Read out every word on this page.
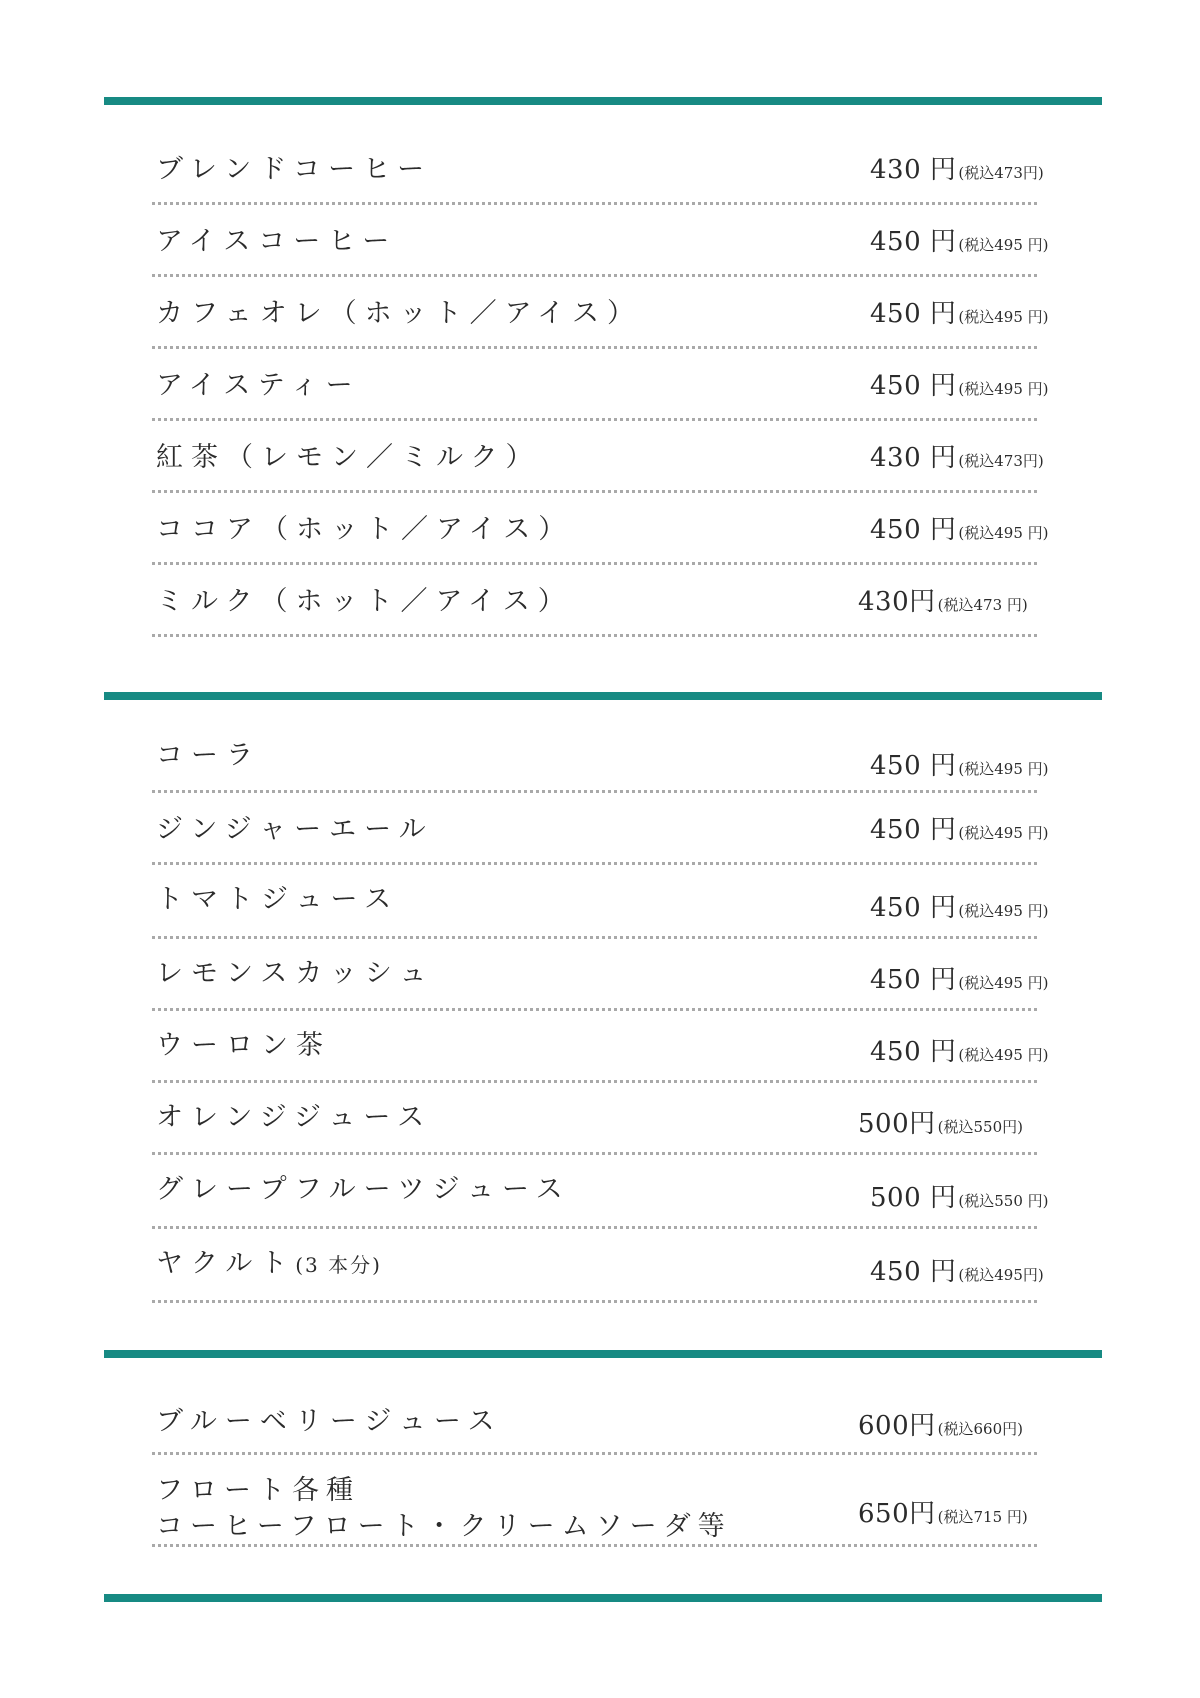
ブレンドコーヒー	430 円 (税込473円)
アイスコーヒー	450 円 (税込495 円)
カフェオレ（ホット／アイス）	450 円 (税込495 円)
アイスティー	450 円 (税込495 円)
紅茶（レモン／ミルク）	430 円 (税込473円)
ココア（ホット／アイス）	450 円 (税込495 円)
ミルク（ホット／アイス）	430円 (税込473 円)
コーラ	450 円 (税込495 円)
ジンジャーエール	450 円 (税込495 円)
トマトジュース	450 円 (税込495 円)
レモンスカッシュ	450 円 (税込495 円)
ウーロン茶	450 円 (税込495 円)
オレンジジュース	500円 (税込550円)
グレープフルーツジュース	500 円 (税込550 円)
ヤクルト(3 本分)	450 円 (税込495円)
ブルーベリージュース	600円 (税込660円)
フロート各種
コーヒーフロート・クリームソーダ等	650円 (税込715 円)
